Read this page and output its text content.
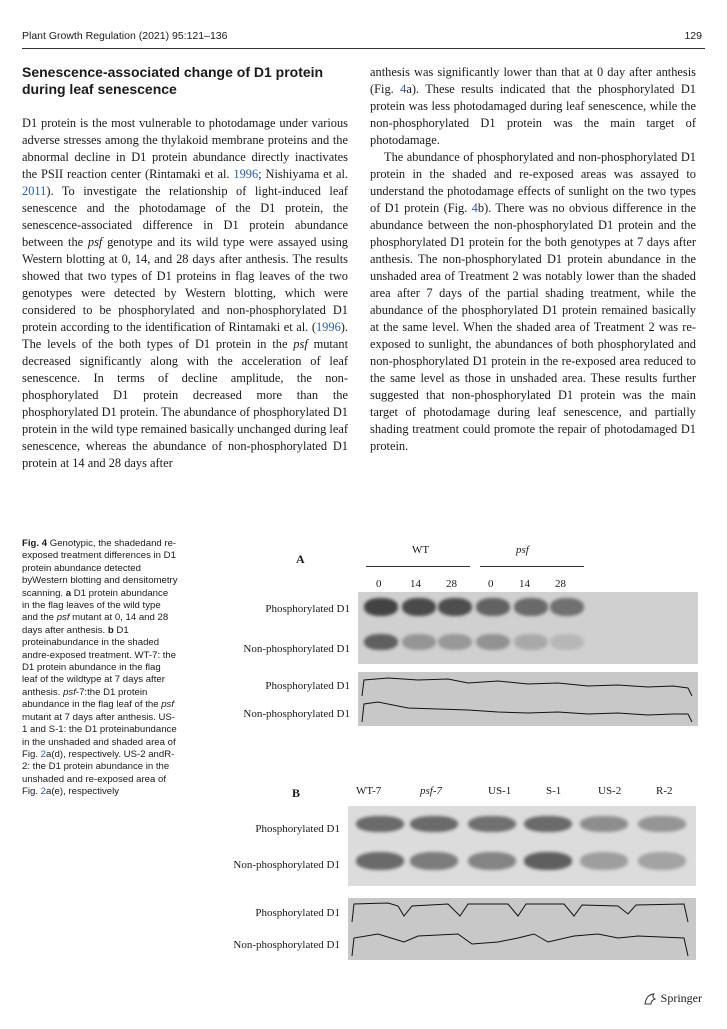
Plant Growth Regulation (2021) 95:121–136	129
Senescence-associated change of D1 protein during leaf senescence

D1 protein is the most vulnerable to photodamage under various adverse stresses among the thylakoid membrane proteins and the abnormal decline in D1 protein abundance directly inactivates the PSII reaction center (Rintamaki et al. 1996; Nishiyama et al. 2011). To investigate the relationship of light-induced leaf senescence and the photodamage of the D1 protein, the senescence-associated difference in D1 protein abundance between the psf genotype and its wild type were assayed using Western blotting at 0, 14, and 28 days after anthesis. The results showed that two types of D1 proteins in flag leaves of the two genotypes were detected by Western blotting, which were considered to be phosphorylated and non-phosphorylated D1 protein according to the identification of Rintamaki et al. (1996). The levels of the both types of D1 protein in the psf mutant decreased significantly along with the acceleration of leaf senescence. In terms of decline amplitude, the non-phosphorylated D1 protein decreased more than the phosphorylated D1 protein. The abundance of phosphorylated D1 protein in the wild type remained basically unchanged during leaf senescence, whereas the abundance of non-phosphorylated D1 protein at 14 and 28 days after

anthesis was significantly lower than that at 0 day after anthesis (Fig. 4a). These results indicated that the phosphorylated D1 protein was less photodamaged during leaf senescence, while the non-phosphorylated D1 protein was the main target of photodamage.

The abundance of phosphorylated and non-phosphorylated D1 protein in the shaded and re-exposed areas was assayed to understand the photodamage effects of sunlight on the two types of D1 protein (Fig. 4b). There was no obvious difference in the abundance between the non-phosphorylated D1 protein and the phosphorylated D1 protein for the both genotypes at 7 days after anthesis. The non-phosphorylated D1 protein abundance in the unshaded area of Treatment 2 was notably lower than the shaded area after 7 days of the partial shading treatment, while the abundance of the phosphorylated D1 protein remained basically at the same level. When the shaded area of Treatment 2 was re-exposed to sunlight, the abundances of both phosphorylated and non-phosphorylated D1 protein in the re-exposed area reduced to the same level as those in unshaded area. These results further suggested that non-phosphorylated D1 protein was the main target of photodamage during leaf senescence, and partially shading treatment could promote the repair of photodamaged D1 protein.

Fig. 4 Genotypic, the shadedand re-exposed treatment differences in D1 protein abundance detected byWestern blotting and densitometry scanning. a D1 protein abundance in the flag leaves of the wild type and the psf mutant at 0, 14 and 28 days after anthesis. b D1 proteinabundance in the shaded andre-exposed treatment. WT-7: the D1 protein abundance in the flag leaf of the wildtype at 7 days after anthesis. psf-7:the D1 protein abundance in the flag leaf of the psf mutant at 7 days after anthesis. US-1 and S-1: the D1 proteinabundance in the unshaded and shaded area of Fig. 2a(d), respectively. US-2 andR-2: the D1 protein abundance in the unshaded and re-exposed area of Fig. 2a(e), respectively
A
WT	psf
0	14 28	0 14 28
Phosphorylated D1
Non-phosphorylated D1
Phosphorylated D1
Non-phosphorylated D1
B	WT-7	psf-7	US-1	S-1	US-2	R-2
Phosphorylated D1
Non-phosphorylated D1
Phosphorylated D1
Non-phosphorylated D1
Springer
